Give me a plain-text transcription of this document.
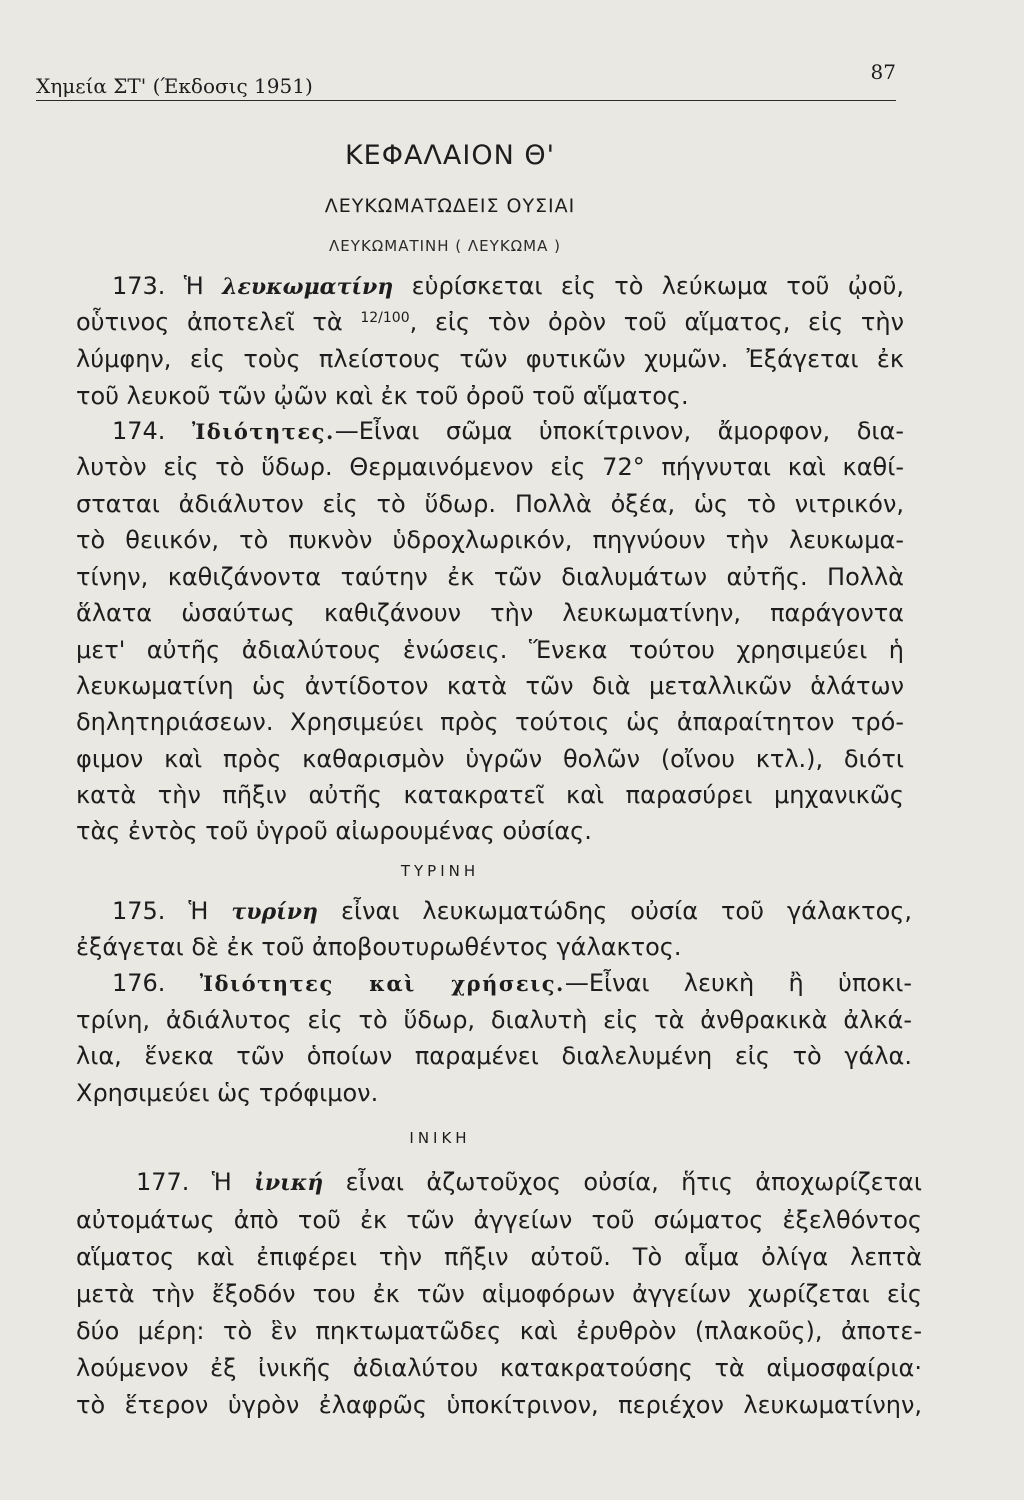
Χημεία ΣΤ' (Έκδοσις 1951)
87
ΚΕΦΑΛΑΙΟΝ Θ'
ΛΕΥΚΩΜΑΤΩΔΕΙΣ ΟΥΣΙΑΙ
ΛΕΥΚΩΜΑΤΙΝΗ ( ΛΕΥΚΩΜΑ )
173. Ἡ λευκωματίνη εὑρίσκεται εἰς τὸ λεύκωμα τοῦ ᾠοῦ,
οὗτινος ἀποτελεῖ τὰ $^{12/100}$, εἰς τὸν ὀρὸν τοῦ αἵματος, εἰς τὴν
λύμφην, εἰς τοὺς πλείστους τῶν φυτικῶν χυμῶν. Ἐξάγεται ἐκ
τοῦ λευκοῦ τῶν ᾠῶν καὶ ἐκ τοῦ ὀροῦ τοῦ αἵματος.
174. Ἰδιότητες.—Εἶναι σῶμα ὑποκίτρινον, ἄμορφον, δια-
λυτὸν εἰς τὸ ὕδωρ. Θερμαινόμενον εἰς 72° πήγνυται καὶ καθί-
σταται ἀδιάλυτον εἰς τὸ ὕδωρ. Πολλὰ ὀξέα, ὡς τὸ νιτρικόν,
τὸ θειικόν, τὸ πυκνὸν ὑδροχλωρικόν, πηγνύουν τὴν λευκωμα-
τίνην, καθιζάνοντα ταύτην ἐκ τῶν διαλυμάτων αὐτῆς. Πολλὰ
ἅλατα ὡσαύτως καθιζάνουν τὴν λευκωματίνην, παράγοντα
μετ' αὐτῆς ἀδιαλύτους ἑνώσεις. Ἕνεκα τούτου χρησιμεύει ἡ
λευκωματίνη ὡς ἀντίδοτον κατὰ τῶν διὰ μεταλλικῶν ἁλάτων
δηλητηριάσεων. Χρησιμεύει πρὸς τούτοις ὡς ἀπαραίτητον τρό-
φιμον καὶ πρὸς καθαρισμὸν ὑγρῶν θολῶν (οἴνου κτλ.), διότι
κατὰ τὴν πῆξιν αὐτῆς κατακρατεῖ καὶ παρασύρει μηχανικῶς
τὰς ἐντὸς τοῦ ὑγροῦ αἰωρουμένας οὐσίας.
ΤΥΡΙΝΗ
175. Ἡ τυρίνη εἶναι λευκωματώδης οὐσία τοῦ γάλακτος,
ἐξάγεται δὲ ἐκ τοῦ ἀποβουτυρωθέντος γάλακτος.
176. Ἰδιότητες καὶ χρήσεις.—Εἶναι λευκὴ ἢ ὑποκι-
τρίνη, ἀδιάλυτος εἰς τὸ ὕδωρ, διαλυτὴ εἰς τὰ ἀνθρακικὰ ἀλκά-
λια, ἕνεκα τῶν ὁποίων παραμένει διαλελυμένη εἰς τὸ γάλα.
Χρησιμεύει ὡς τρόφιμον.
ΙΝΙΚΗ
177. Ἡ ἰνική εἶναι ἀζωτοῦχος οὐσία, ἥτις ἀποχωρίζεται
αὐτομάτως ἀπὸ τοῦ ἐκ τῶν ἀγγείων τοῦ σώματος ἐξελθόντος
αἵματος καὶ ἐπιφέρει τὴν πῆξιν αὐτοῦ. Τὸ αἷμα ὀλίγα λεπτὰ
μετὰ τὴν ἔξοδόν του ἐκ τῶν αἱμοφόρων ἀγγείων χωρίζεται εἰς
δύο μέρη: τὸ ἓν πηκτωματῶδες καὶ ἐρυθρὸν (πλακοῦς), ἀποτε-
λούμενον ἐξ ἰνικῆς ἀδιαλύτου κατακρατούσης τὰ αἱμοσφαίρια·
τὸ ἕτερον ὑγρὸν ἐλαφρῶς ὑποκίτρινον, περιέχον λευκωματίνην,
